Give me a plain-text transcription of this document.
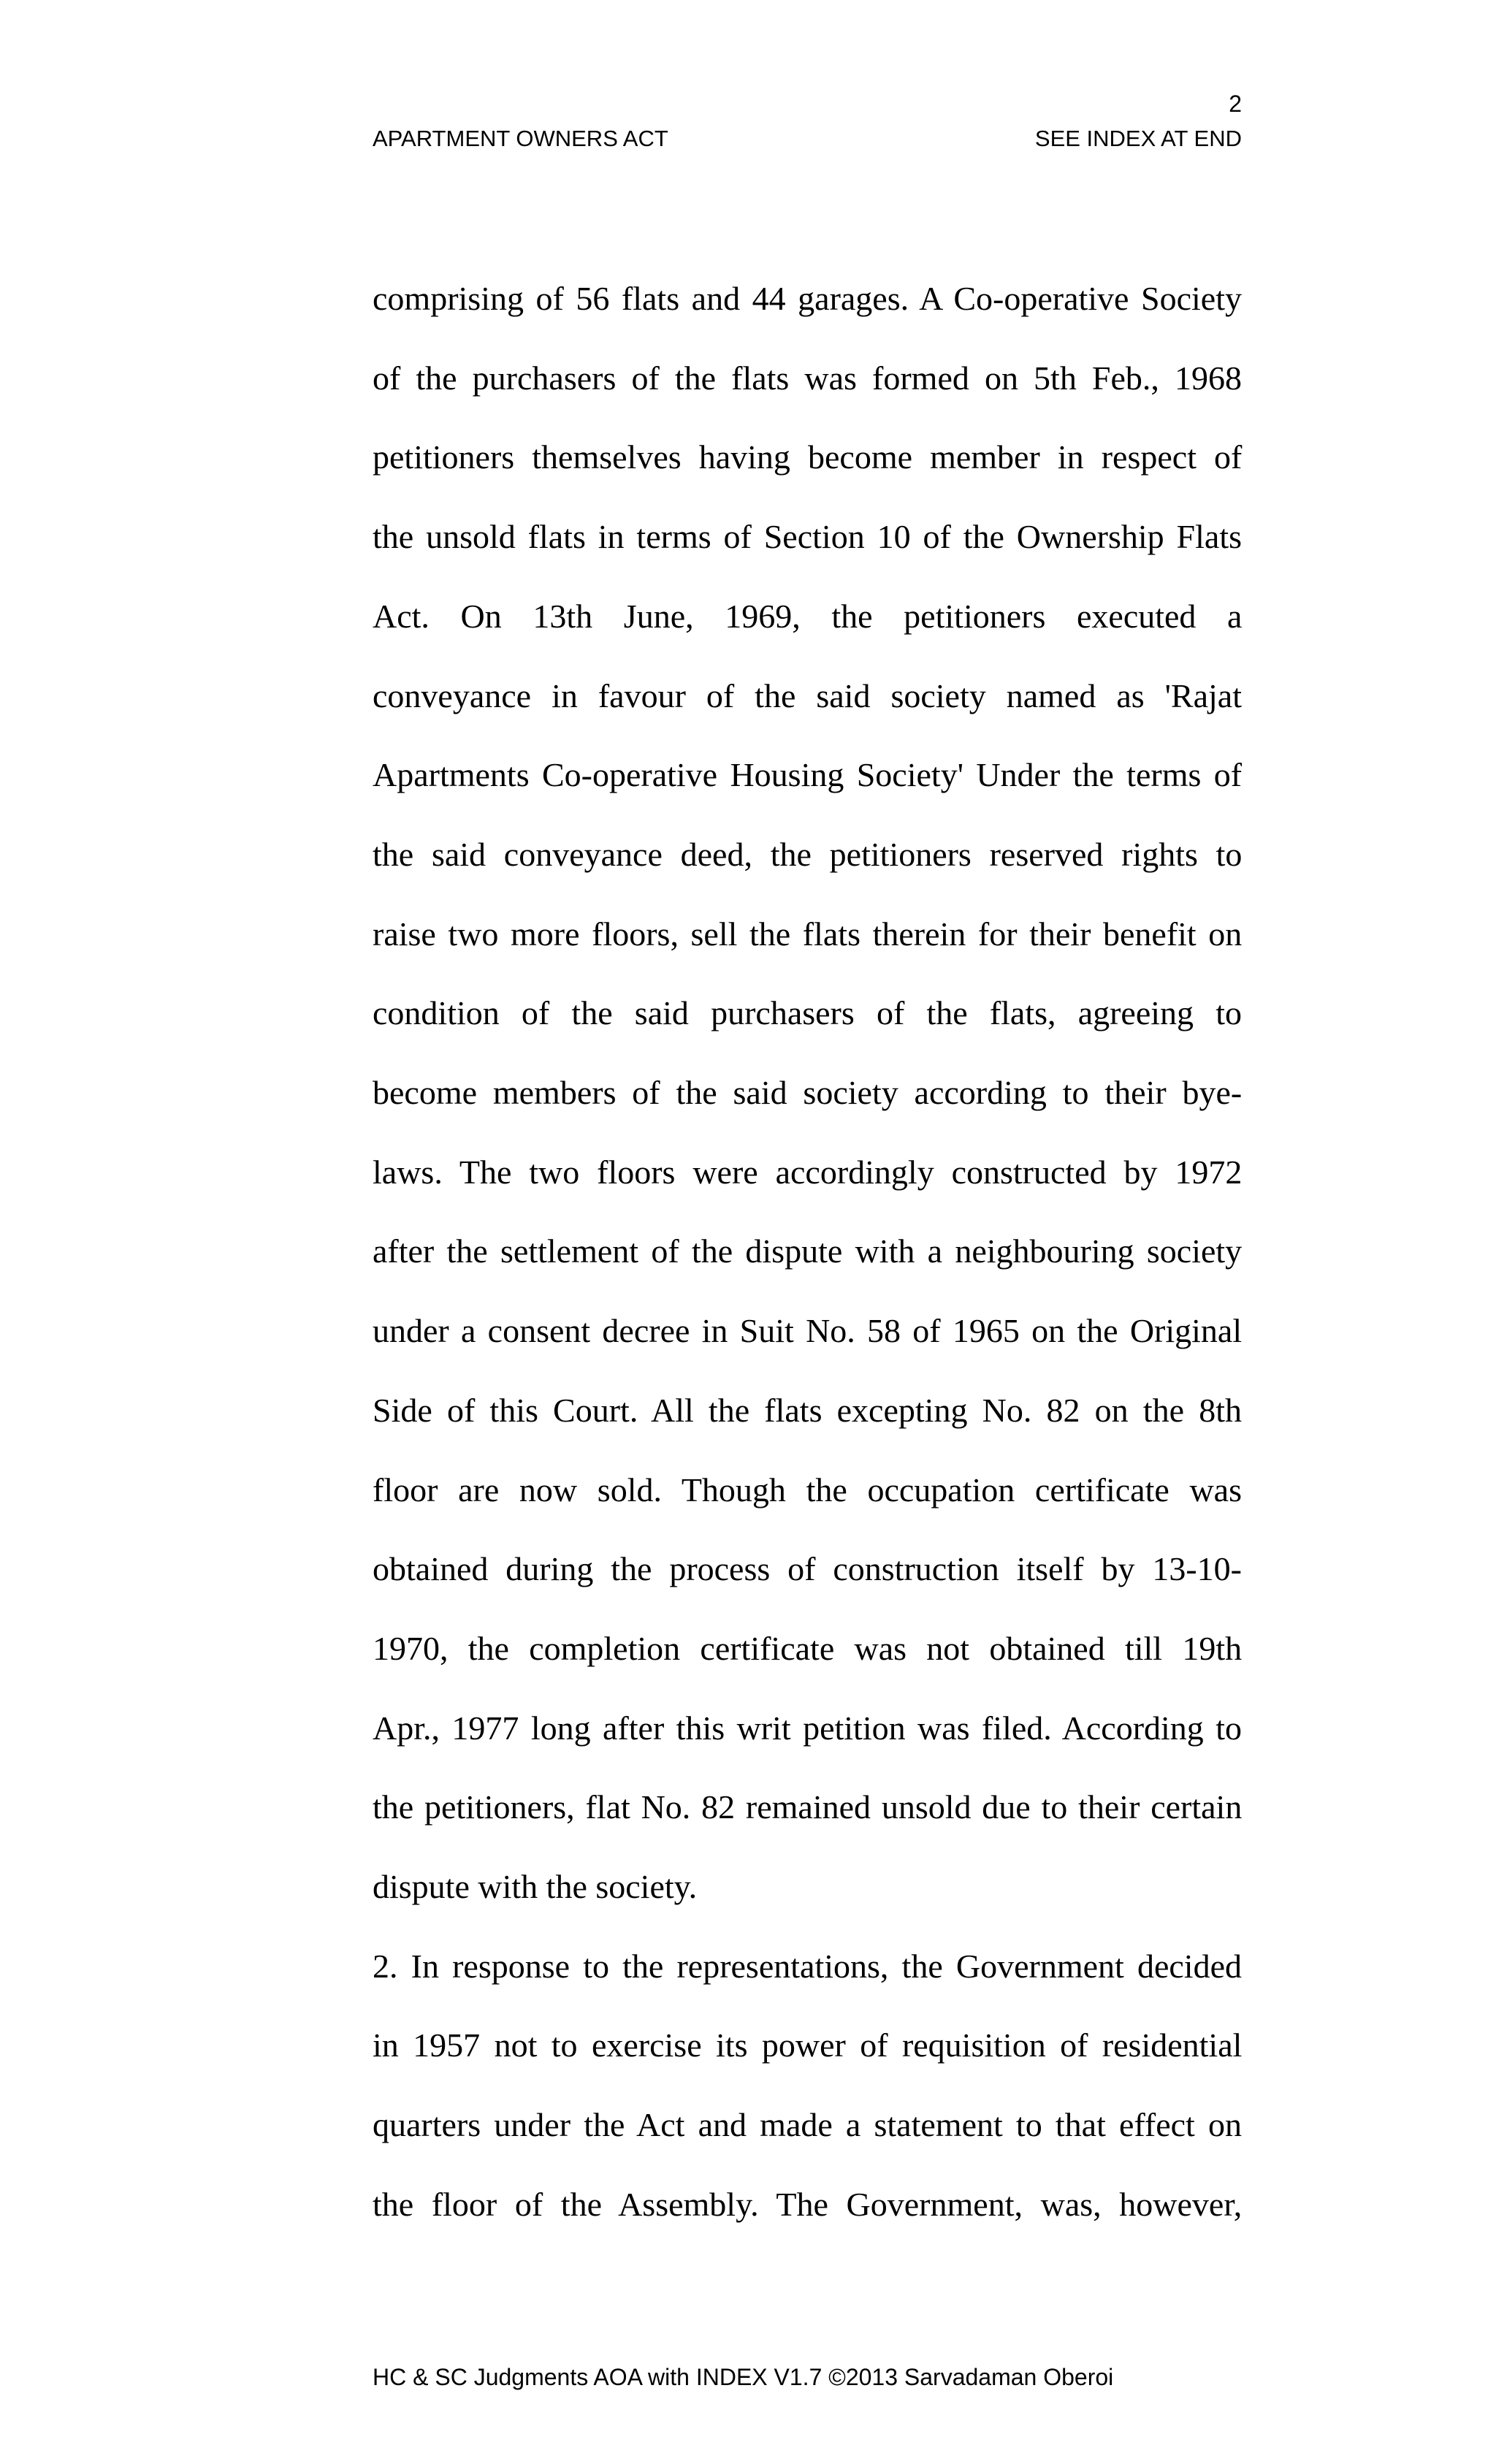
2
APARTMENT OWNERS ACT	SEE INDEX AT END

comprising of 56 flats and 44 garages. A Co-operative Society
of the purchasers of the flats was formed on 5th Feb., 1968
petitioners themselves having become member in respect of
the unsold flats in terms of Section 10 of the Ownership Flats
Act. On 13th June, 1969, the petitioners executed a
conveyance in favour of the said society named as 'Rajat
Apartments Co-operative Housing Society' Under the terms of
the said conveyance deed, the petitioners reserved rights to
raise two more floors, sell the flats therein for their benefit on
condition of the said purchasers of the flats, agreeing to
become members of the said society according to their bye-
laws. The two floors were accordingly constructed by 1972
after the settlement of the dispute with a neighbouring society
under a consent decree in Suit No. 58 of 1965 on the Original
Side of this Court. All the flats excepting No. 82 on the 8th
floor are now sold. Though the occupation certificate was
obtained during the process of construction itself by 13-10-
1970, the completion certificate was not obtained till 19th
Apr., 1977 long after this writ petition was filed. According to
the petitioners, flat No. 82 remained unsold due to their certain
dispute with the society.

2. In response to the representations, the Government decided
in 1957 not to exercise its power of requisition of residential
quarters under the Act and made a statement to that effect on
the floor of the Assembly. The Government, was, however,

HC & SC Judgments AOA with INDEX V1.7 ©2013 Sarvadaman Oberoi
